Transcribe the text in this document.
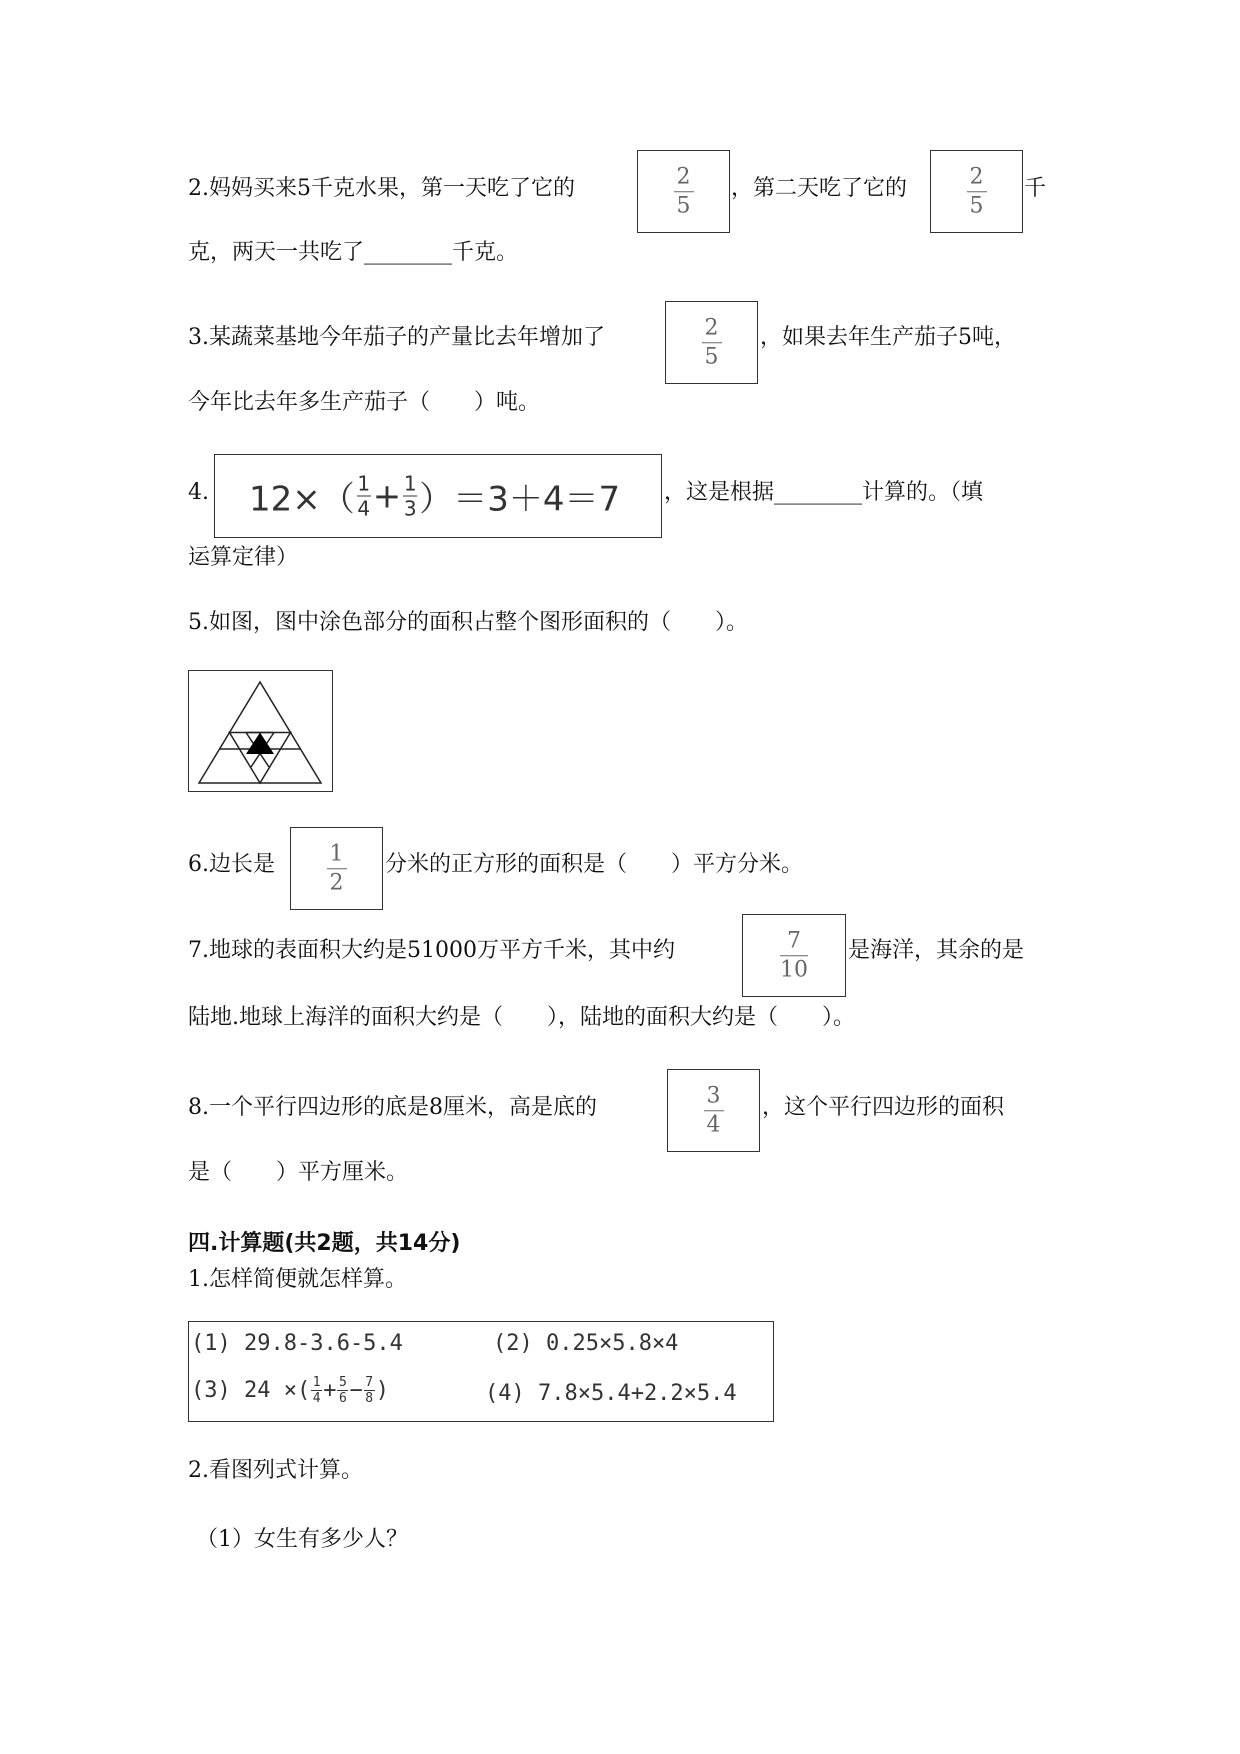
2.妈妈买来5千克水果，第一天吃了它的	2
5
，第二天吃了它的	2
5
千
克，两天一共吃了________千克。
3.某蔬菜基地今年茄子的产量比去年增加了	2
5
，如果去年生产茄子5吨，
今年比去年多生产茄子（　　）吨。
4. 12×（ 1
4 + 1
3 ）＝3＋4＝7 ，这是根据________计算的。（填
运算定律）
5.如图，图中涂色部分的面积占整个图形面积的（　　）。
6.边长是 1
2
分米的正方形的面积是（　　）平方分米。
7.地球的表面积大约是51000万平方千米，其中约	7
10
是海洋，其余的是
陆地.地球上海洋的面积大约是（　　），陆地的面积大约是（　　）。
8.一个平行四边形的底是8厘米，高是底的	3
4
，这个平行四边形的面积
是（　　）平方厘米。
四.计算题(共2题，共14分)
1.怎样简便就怎样算。
(1) 29.8-3.6-5.4	(2) 0.25×5.8×4
(3) 24 ×( 1
4 + 5
6 − 7
8 )	(4) 7.8×5.4+2.2×5.4
2.看图列式计算。
（1）女生有多少人？
